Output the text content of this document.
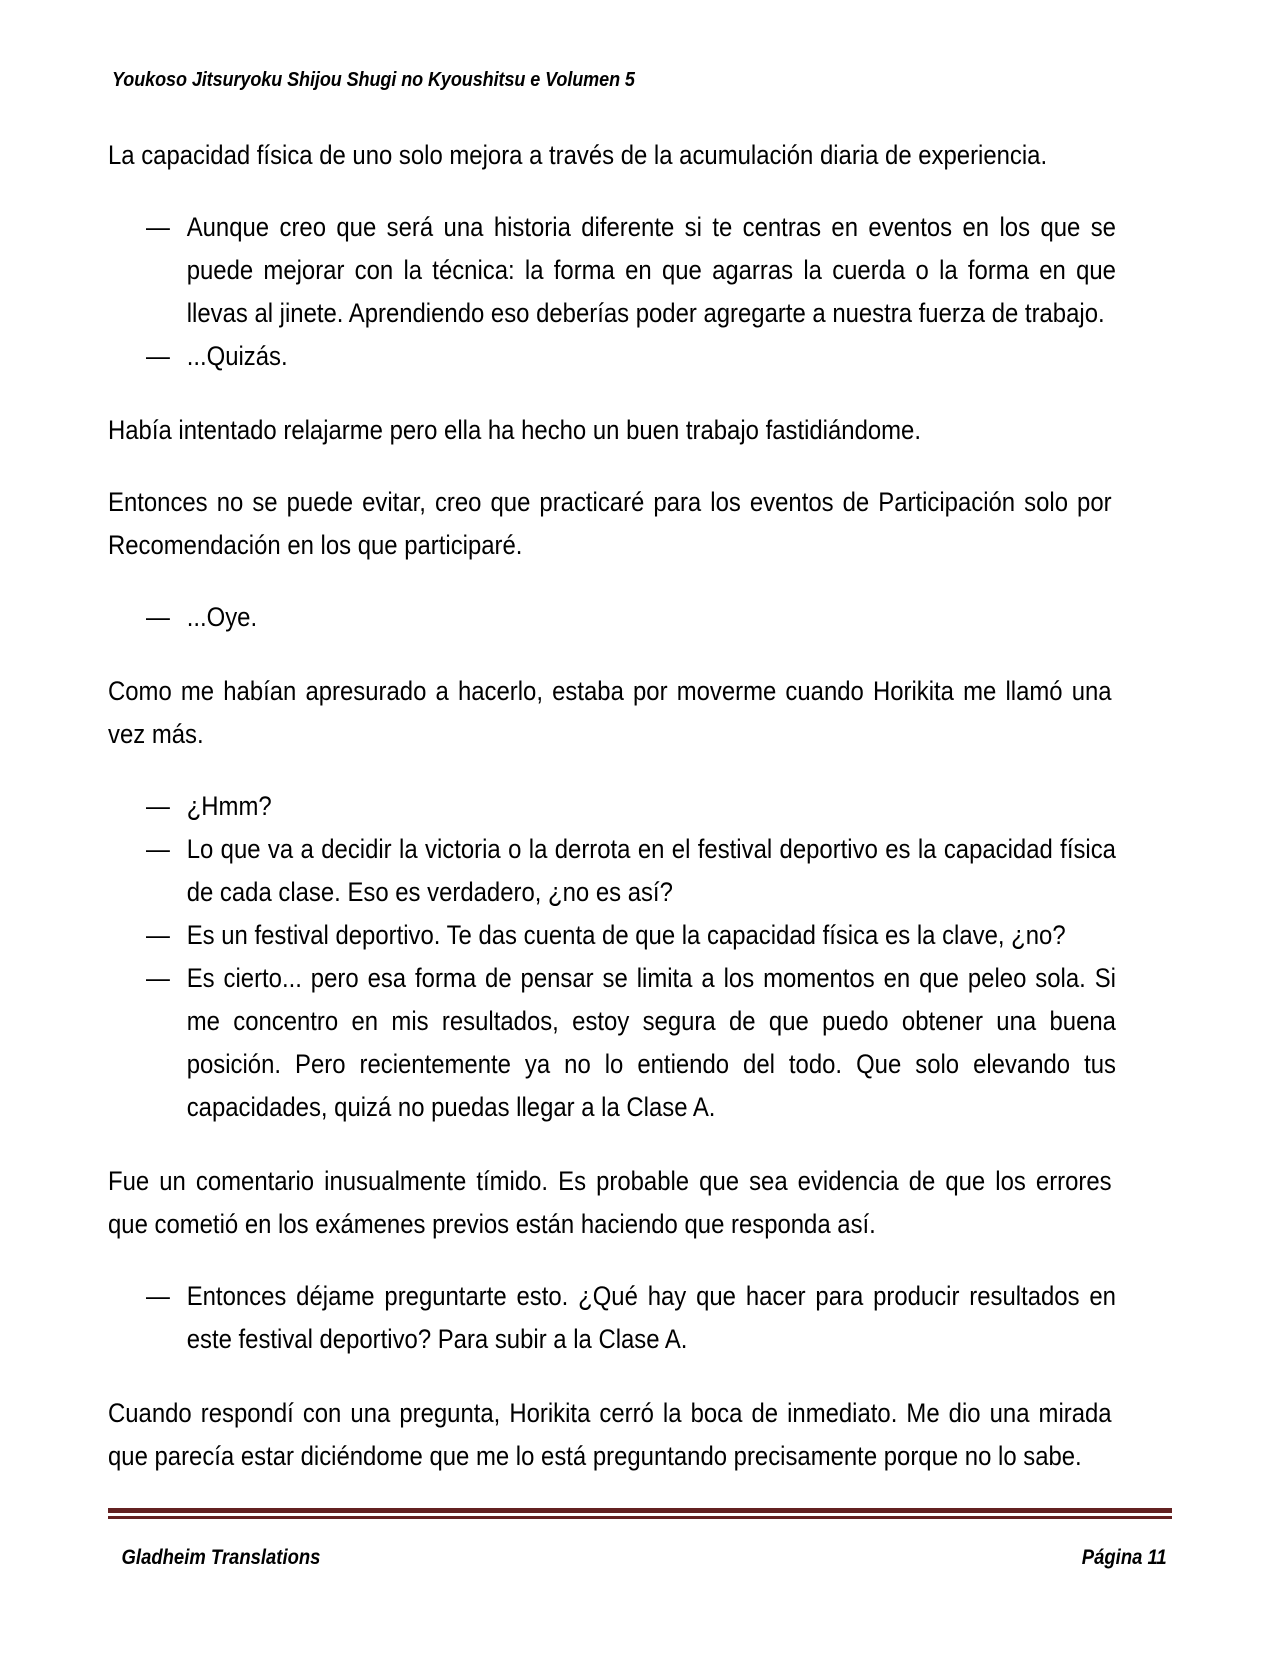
Youkoso Jitsuryoku Shijou Shugi no Kyoushitsu e Volumen 5

La capacidad física de uno solo mejora a través de la acumulación diaria de experiencia.

— Aunque creo que será una historia diferente si te centras en eventos en los que se puede mejorar con la técnica: la forma en que agarras la cuerda o la forma en que llevas al jinete. Aprendiendo eso deberías poder agregarte a nuestra fuerza de trabajo.
— ...Quizás.

Había intentado relajarme pero ella ha hecho un buen trabajo fastidiándome.

Entonces no se puede evitar, creo que practicaré para los eventos de Participación solo por Recomendación en los que participaré.

— ...Oye.

Como me habían apresurado a hacerlo, estaba por moverme cuando Horikita me llamó una vez más.

— ¿Hmm?
— Lo que va a decidir la victoria o la derrota en el festival deportivo es la capacidad física de cada clase. Eso es verdadero, ¿no es así?
— Es un festival deportivo. Te das cuenta de que la capacidad física es la clave, ¿no?
— Es cierto... pero esa forma de pensar se limita a los momentos en que peleo sola. Si me concentro en mis resultados, estoy segura de que puedo obtener una buena posición. Pero recientemente ya no lo entiendo del todo. Que solo elevando tus capacidades, quizá no puedas llegar a la Clase A.

Fue un comentario inusualmente tímido. Es probable que sea evidencia de que los errores que cometió en los exámenes previos están haciendo que responda así.

— Entonces déjame preguntarte esto. ¿Qué hay que hacer para producir resultados en este festival deportivo? Para subir a la Clase A.

Cuando respondí con una pregunta, Horikita cerró la boca de inmediato. Me dio una mirada que parecía estar diciéndome que me lo está preguntando precisamente porque no lo sabe.

Gladheim Translations	Página 11
